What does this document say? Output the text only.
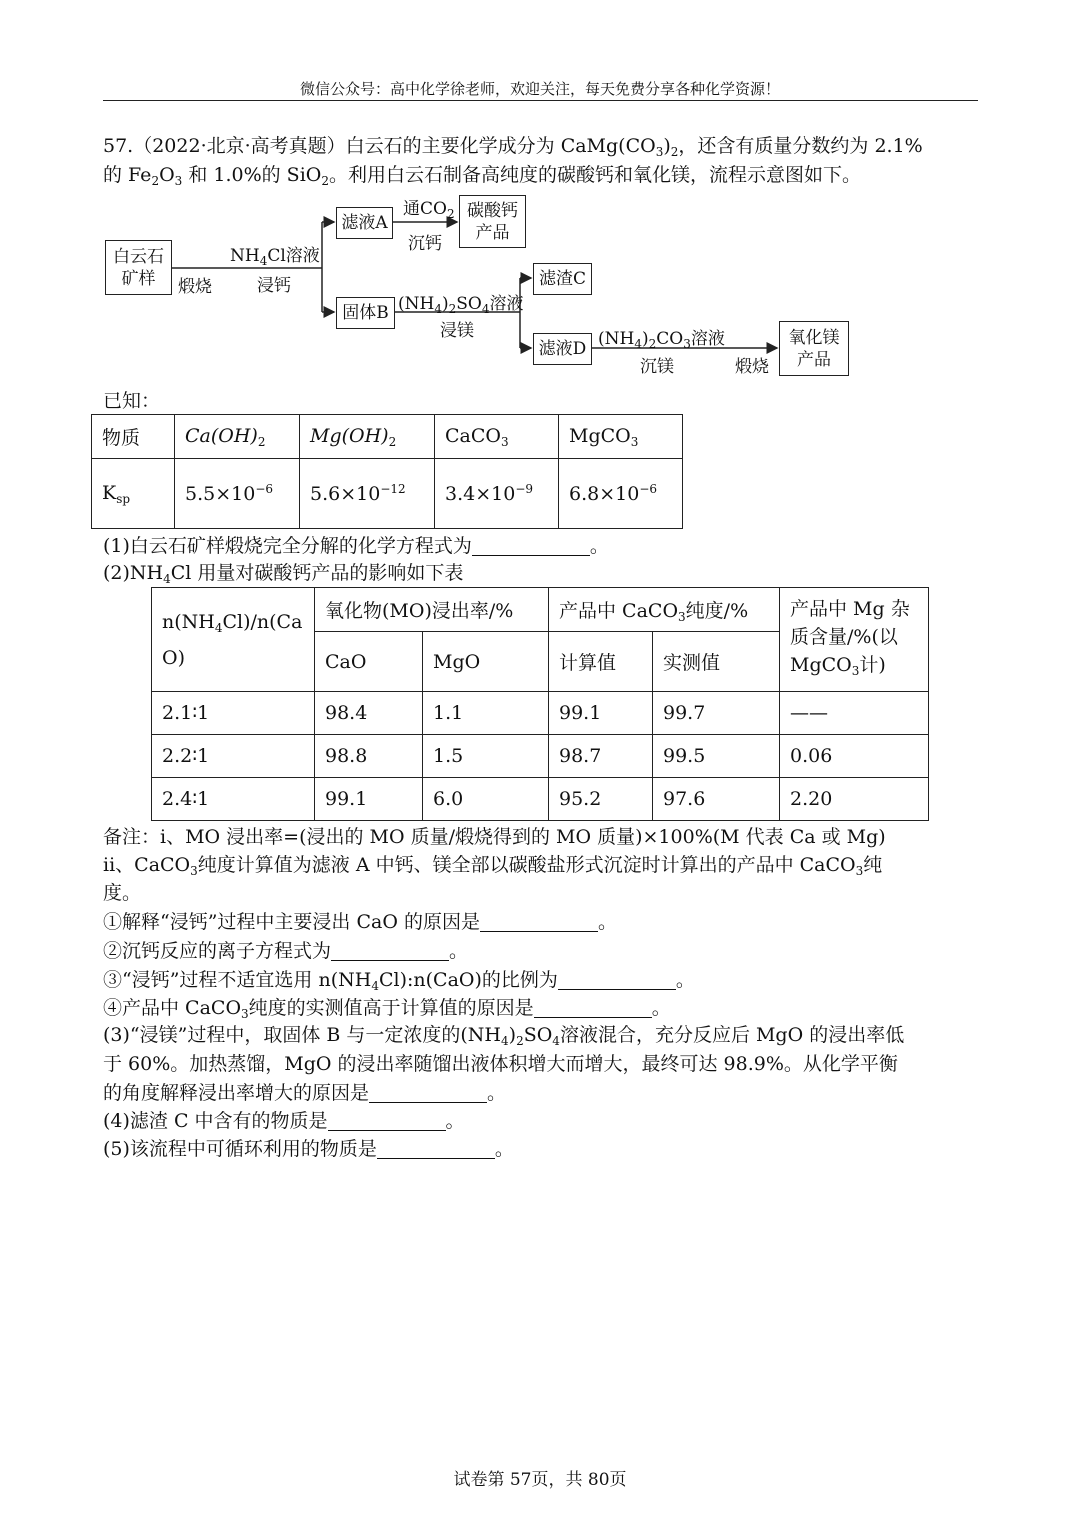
微信公众号：高中化学徐老师，欢迎关注，每天免费分享各种化学资源！
57.（2022·北京·高考真题）白云石的主要化学成分为 $CaMg(CO_3)_2$，还含有质量分数约为 2.1%
的 $Fe_2O_3$ 和 1.0%的 SiO$_2$。利用白云石制备高纯度的碳酸钙和氧化镁，流程示意图如下。
白云石
矿样	煅烧
$NH_4Cl$溶液
浸钙
滤液A
通$CO_2$
沉钙
碳酸钙
产品
固体B $(NH_4)_2SO_4$溶液
浸镁
滤渣C
滤液D $(NH_4)_2CO_3$溶液
沉镁	煅烧
氧化镁
产品
已知：
物质	$Ca(OH)_2$	$Mg(OH)_2$	CaCO$_3$	MgCO$_3$
$K_{sp}$	$5.5\times 10^{-6}$	$5.6\times 10^{-12}$	$3.4\times 10^{-9}$	$6.8\times 10^{-6}$
(1)白云石矿样煅烧完全分解的化学方程式为	。
$(2)NH_4Cl$ 用量对碳酸钙产品的影响如下表
$n(NH_4Cl)/n(Ca$
O)	氧化物(MO)浸出率/%		产品中 CaCO$_3$纯度/%		产品中 Mg 杂
质含量/%(以
MgCO$_3$计)
	CaO	MgO	计算值	实测值	
2.1∶1	98.4	1.1	99.1	99.7	——
2.2∶1	98.8	1.5	98.7	99.5	0.06
2.4∶1	99.1	6.0	95.2	97.6	2.20
备注：i、MO 浸出率=(浸出的 MO 质量/煅烧得到的 MO 质量)×100%(M 代表 Ca 或 Mg)
ii、CaCO$_3$纯度计算值为滤液 A 中钙、镁全部以碳酸盐形式沉淀时计算出的产品中 CaCO$_3$纯
度。
①解释“浸钙”过程中主要浸出 CaO 的原因是	。
②沉钙反应的离子方程式为	。
③“浸钙”过程不适宜选用 $n(NH_4Cl):n(CaO)$的比例为	。
④产品中 CaCO$_3$纯度的实测值高于计算值的原因是	。
(3)“浸镁”过程中，取固体 B 与一定浓度的$(NH_4)_2SO_4$溶液混合，充分反应后 MgO 的浸出率低
于 60%。加热蒸馏，MgO 的浸出率随馏出液体积增大而增大，最终可达 98.9%。从化学平衡
的角度解释浸出率增大的原因是	。
(4)滤渣 C 中含有的物质是	。
(5)该流程中可循环利用的物质是	。
试卷第 57页，共 80页
